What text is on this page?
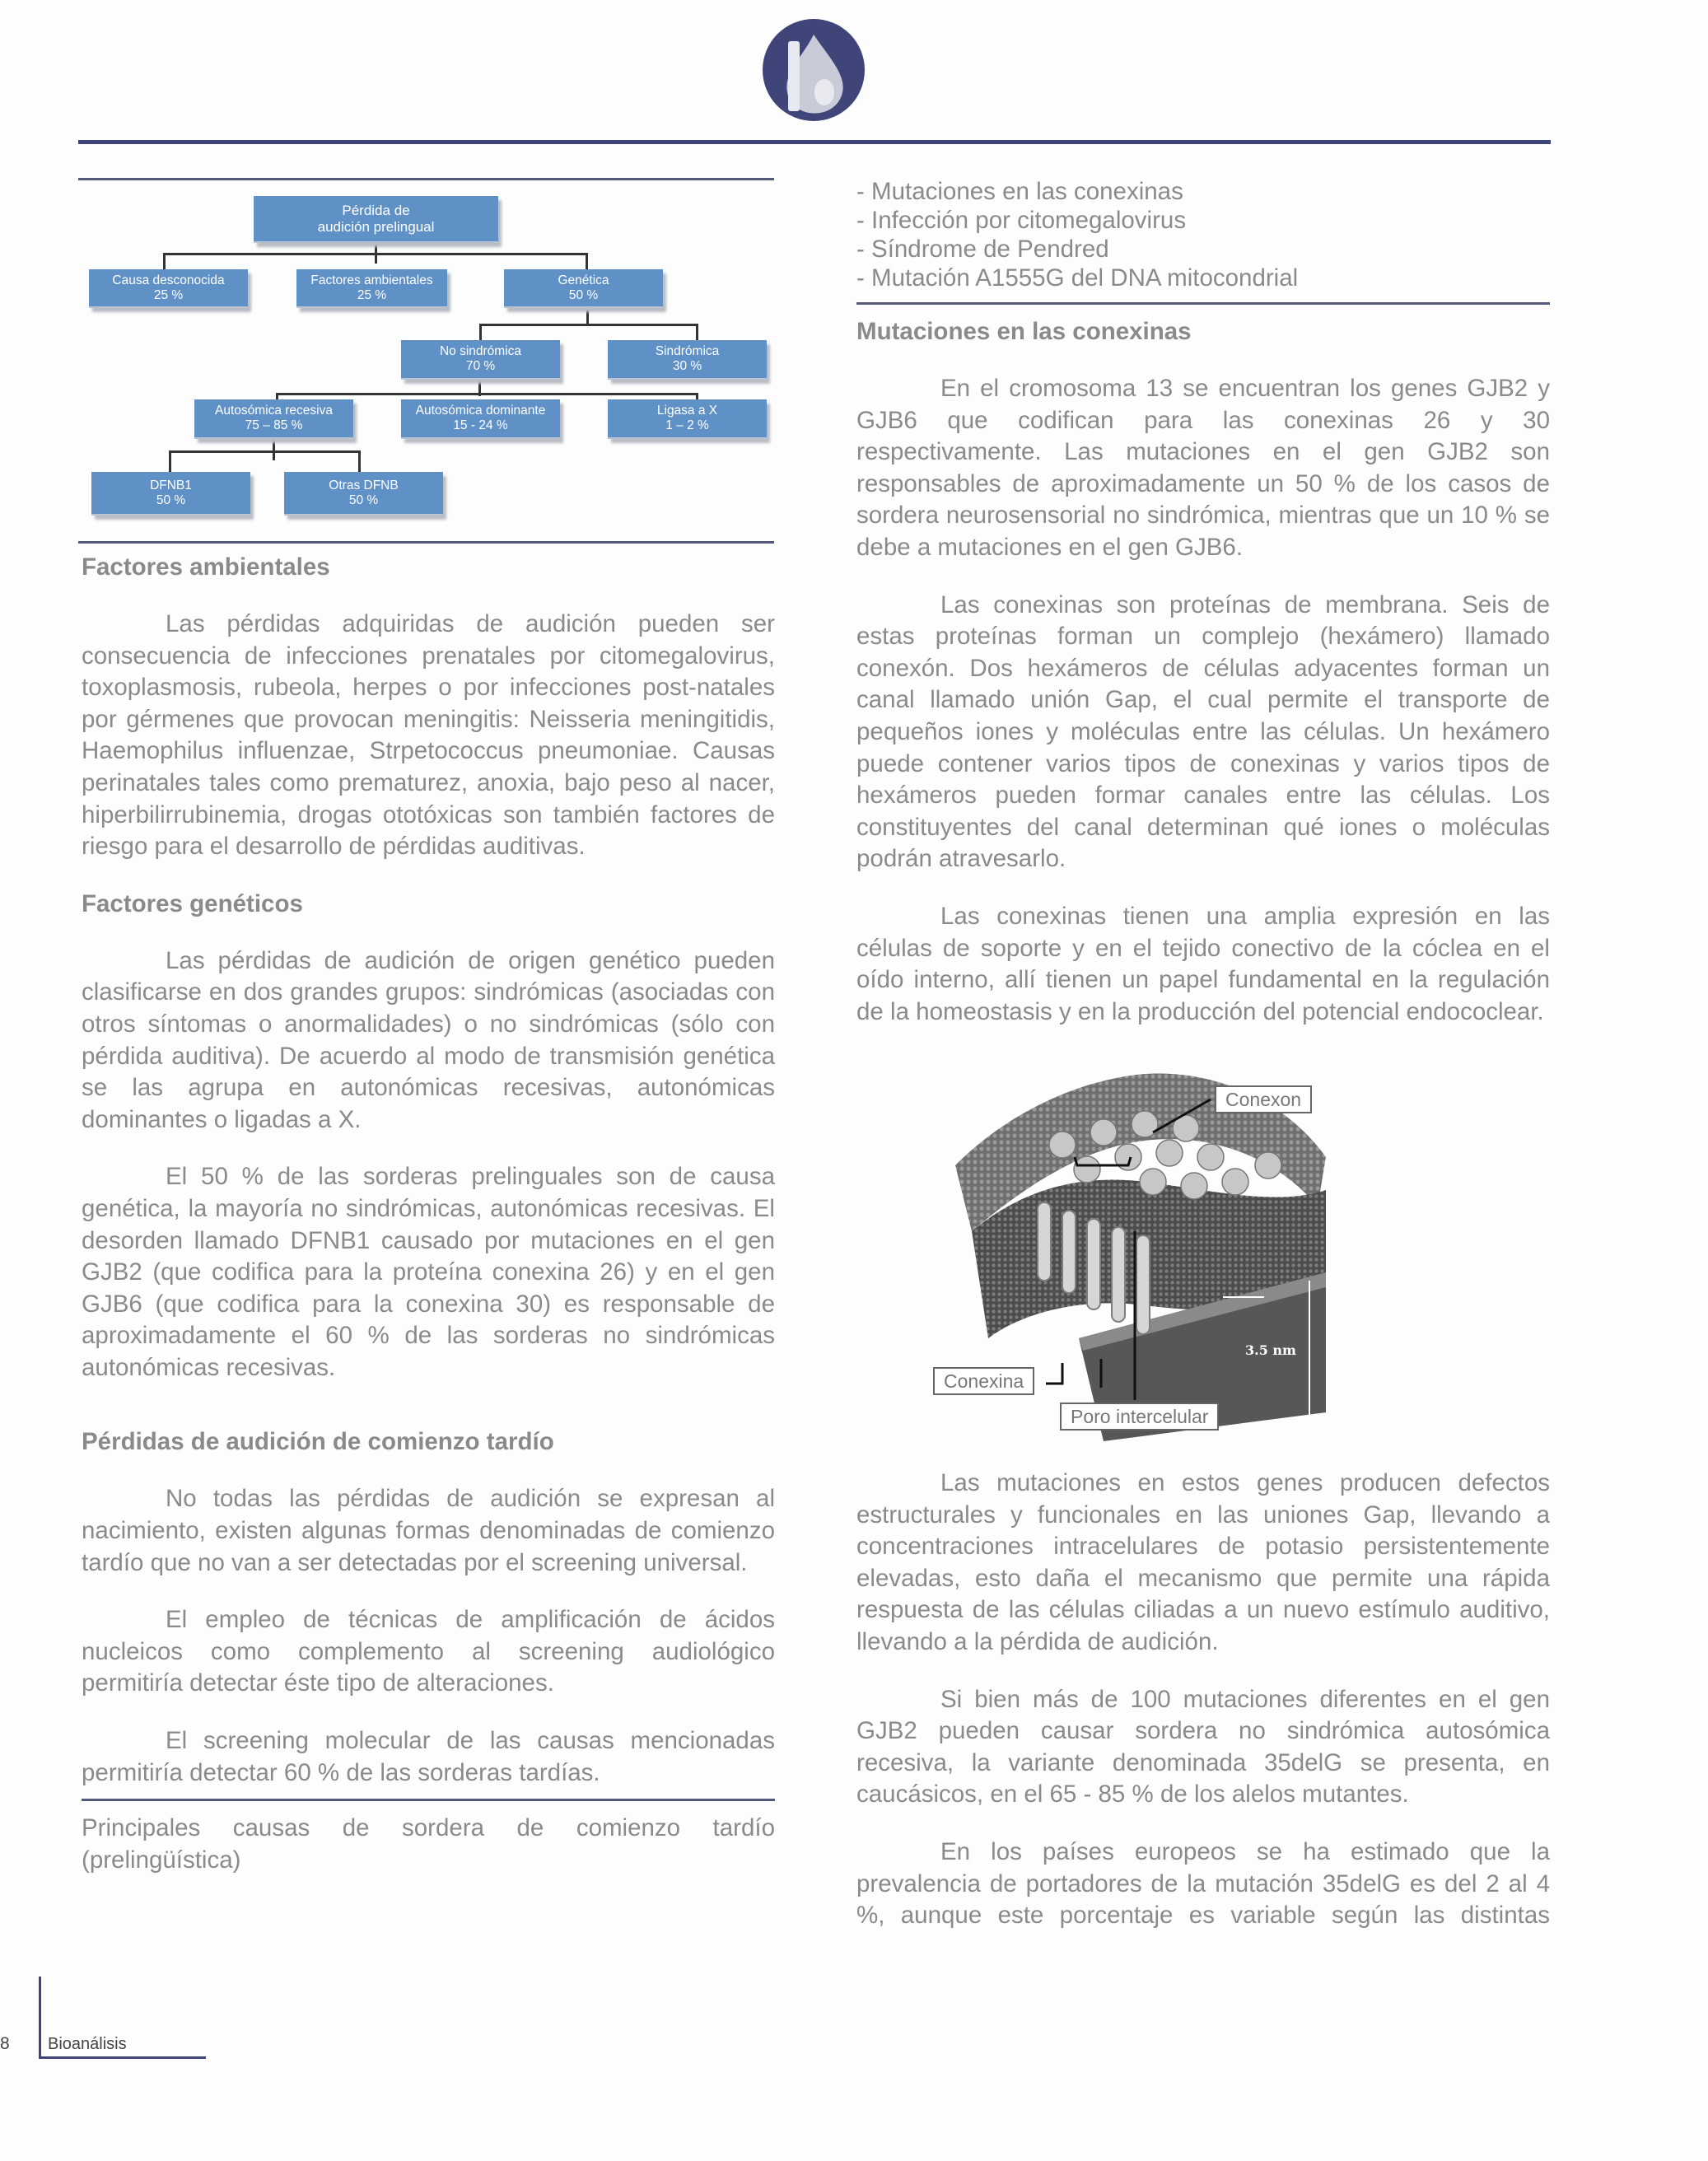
Pérdida de audición prelingual
Causa desconocida
25 %
Factores ambientales
25 %
Genética
50 %
No sindrómica
70 %
Sindrómica
30 %
Autosómica recesiva
75 – 85 %
Autosómica dominante
15 - 24 %
Ligasa a X
1 – 2 %
DFNB1
50 %
Otras DFNB
50 %
Factores ambientales

Las pérdidas adquiridas de audición pueden ser consecuencia de infecciones prenatales por citomegalovirus, toxoplasmosis, rubeola, herpes o por infecciones post-natales por gérmenes que provocan meningitis: Neisseria meningitidis, Haemophilus influenzae, Strpetococcus pneumoniae. Causas perinatales tales como prematurez, anoxia, bajo peso al nacer, hiperbilirrubinemia, drogas ototóxicas son también factores de riesgo para el desarrollo de pérdidas auditivas.

Factores genéticos

Las pérdidas de audición de origen genético pueden clasificarse en dos grandes grupos: sindrómicas (asociadas con otros síntomas o anormalidades) o no sindrómicas (sólo con pérdida auditiva). De acuerdo al modo de transmisión genética se las agrupa en autonómicas recesivas, autonómicas dominantes o ligadas a X.

El 50 % de las sorderas prelinguales son de causa genética, la mayoría no sindrómicas, autonómicas recesivas. El desorden llamado DFNB1 causado por mutaciones en el gen GJB2 (que codifica para la proteína conexina 26) y en el gen GJB6 (que codifica para la conexina 30) es responsable de aproximadamente el 60 % de las sorderas no sindrómicas autonómicas recesivas.

Pérdidas de audición de comienzo tardío

No todas las pérdidas de audición se expresan al nacimiento, existen algunas formas denominadas de comienzo tardío que no van a ser detectadas por el screening universal.

El empleo de técnicas de amplificación de ácidos nucleicos como complemento al screening audiológico permitiría detectar éste tipo de alteraciones.

El screening molecular de las causas mencionadas permitiría detectar 60 % de las sorderas tardías.

Principales causas de sordera de comienzo tardío (prelingüística)

- Mutaciones en las conexinas

- Infección por citomegalovirus

- Síndrome de Pendred

- Mutación A1555G del DNA mitocondrial

Mutaciones en las conexinas

En el cromosoma 13 se encuentran los genes GJB2 y GJB6 que codifican para las conexinas 26 y 30 respectivamente. Las mutaciones en el gen GJB2 son responsables de aproximadamente un 50 % de los casos de sordera neurosensorial no sindrómica, mientras que un 10 % se debe a mutaciones en el gen GJB6.

Las conexinas son proteínas de membrana. Seis de estas proteínas forman un complejo (hexámero) llamado conexón. Dos hexámeros de células adyacentes forman un canal llamado unión Gap, el cual permite el transporte de pequeños iones y moléculas entre las células. Un hexámero puede contener varios tipos de conexinas y varios tipos de hexámeros pueden formar canales entre las células. Los constituyentes del canal determinan qué iones o moléculas podrán atravesarlo.

Las conexinas tienen una amplia expresión en las células de soporte y en el tejido conectivo de la cóclea en el oído interno, allí tienen un papel fundamental en la regulación de la homeostasis y en la producción del potencial endococlear.

3.5 nm
20 nm
Conexon
Conexina
Poro intercelular

Las mutaciones en estos genes producen defectos estructurales y funcionales en las uniones Gap, llevando a concentraciones intracelulares de potasio persistentemente elevadas, esto daña el mecanismo que permite una rápida respuesta de las células ciliadas a un nuevo estímulo auditivo, llevando a la pérdida de audición.

Si bien más de 100 mutaciones diferentes en el gen GJB2 pueden causar sordera no sindrómica autosómica recesiva, la variante denominada 35delG se presenta, en caucásicos, en el 65 - 85 % de los alelos mutantes.

En los países europeos se ha estimado que la prevalencia de portadores de la mutación 35delG es del 2 al 4 %, aunque este porcentaje es variable según las distintas

8 Bioanálisis
